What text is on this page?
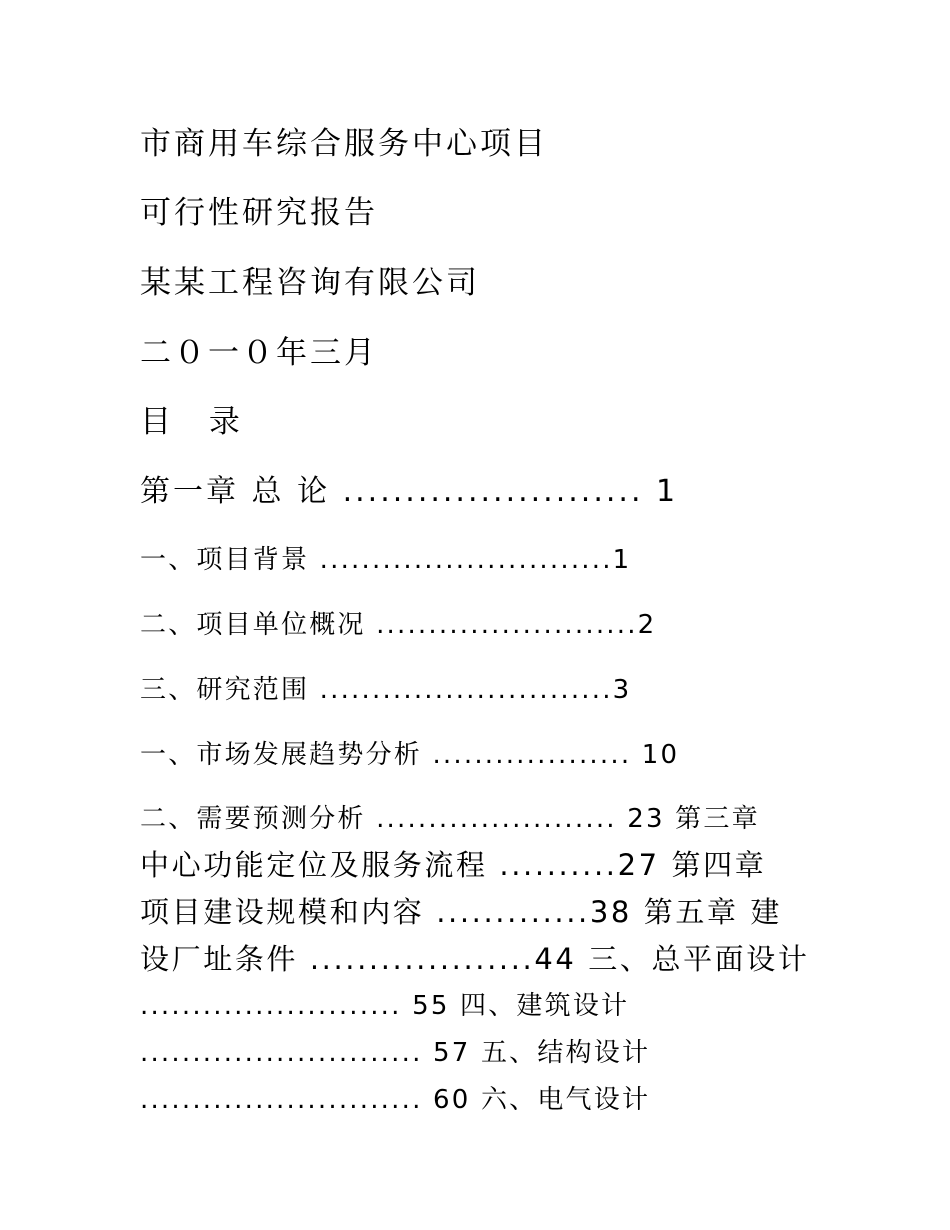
市商用车综合服务中心项目
可行性研究报告
某某工程咨询有限公司
二０一０年三月
目 录
第一章 总 论 ........................ 1
一、项目背景 ............................1
二、项目单位概况 .........................2
三、研究范围 ............................3
一、市场发展趋势分析 ................... 10
二、需要预测分析 ....................... 23 第三章
中心功能定位及服务流程 ..........27 第四章
项目建设规模和内容 .............38 第五章 建
设厂址条件 ...................44 三、总平面设计
......................... 55 四、建筑设计
........................... 57 五、结构设计
........................... 60 六、电气设计
